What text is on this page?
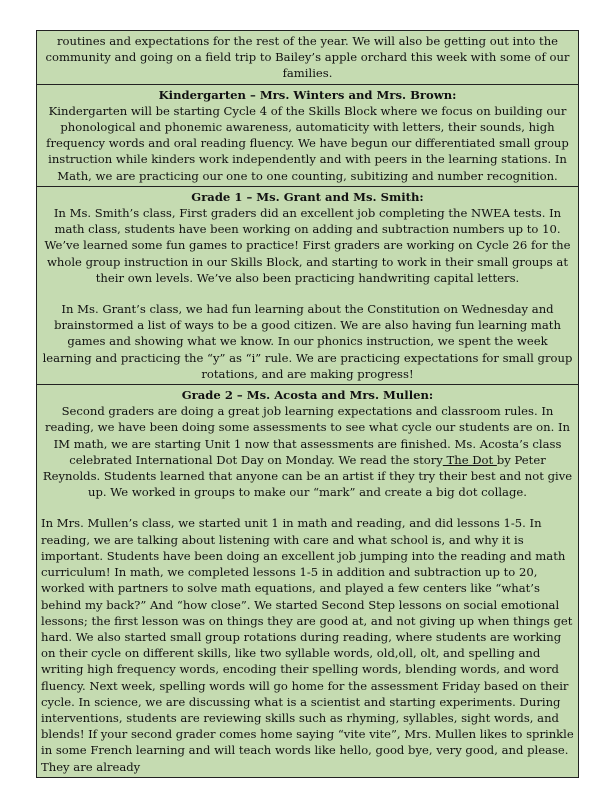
routines and expectations for the rest of the year. We will also be getting out into the community and going on a field trip to Bailey’s apple orchard this week with some of our families.
Kindergarten – Mrs. Winters and Mrs. Brown:
Kindergarten will be starting Cycle 4 of the Skills Block where we focus on building our phonological and phonemic awareness, automaticity with letters, their sounds, high frequency words and oral reading fluency. We have begun our differentiated small group instruction while kinders work independently and with peers in the learning stations. In Math, we are practicing our one to one counting, subitizing and number recognition.
Grade 1 – Ms. Grant and Ms. Smith:
In Ms. Smith’s class, First graders did an excellent job completing the NWEA tests. In math class, students have been working on adding and subtraction numbers up to 10. We’ve learned some fun games to practice! First graders are working on Cycle 26 for the whole group instruction in our Skills Block, and starting to work in their small groups at their own levels. We’ve also been practicing handwriting capital letters.
In Ms. Grant’s class, we had fun learning about the Constitution on Wednesday and brainstormed a list of ways to be a good citizen. We are also having fun learning math games and showing what we know. In our phonics instruction, we spent the week learning and practicing the “y” as “i” rule. We are practicing expectations for small group rotations, and are making progress!
Grade 2 – Ms. Acosta and Mrs. Mullen:
Second graders are doing a great job learning expectations and classroom rules. In reading, we have been doing some assessments to see what cycle our students are on. In IM math, we are starting Unit 1 now that assessments are finished. Ms. Acosta’s class celebrated International Dot Day on Monday. We read the story The Dot by Peter Reynolds. Students learned that anyone can be an artist if they try their best and not give up. We worked in groups to make our “mark” and create a big dot collage.
In Mrs. Mullen’s class, we started unit 1 in math and reading, and did lessons 1-5. In reading, we are talking about listening with care and what school is, and why it is important. Students have been doing an excellent job jumping into the reading and math curriculum! In math, we completed lessons 1-5 in addition and subtraction up to 20, worked with partners to solve math equations, and played a few centers like “what’s behind my back?” And “how close”. We started Second Step lessons on social emotional lessons; the first lesson was on things they are good at, and not giving up when things get hard. We also started small group rotations during reading, where students are working on their cycle on different skills, like two syllable words, old,oll, olt, and spelling and writing high frequency words, encoding their spelling words, blending words, and word fluency. Next week, spelling words will go home for the assessment Friday based on their cycle. In science, we are discussing what is a scientist and starting experiments. During interventions, students are reviewing skills such as rhyming, syllables, sight words, and blends! If your second grader comes home saying “vite vite”, Mrs. Mullen likes to sprinkle in some French learning and will teach words like hello, good bye, very good, and please. They are already
